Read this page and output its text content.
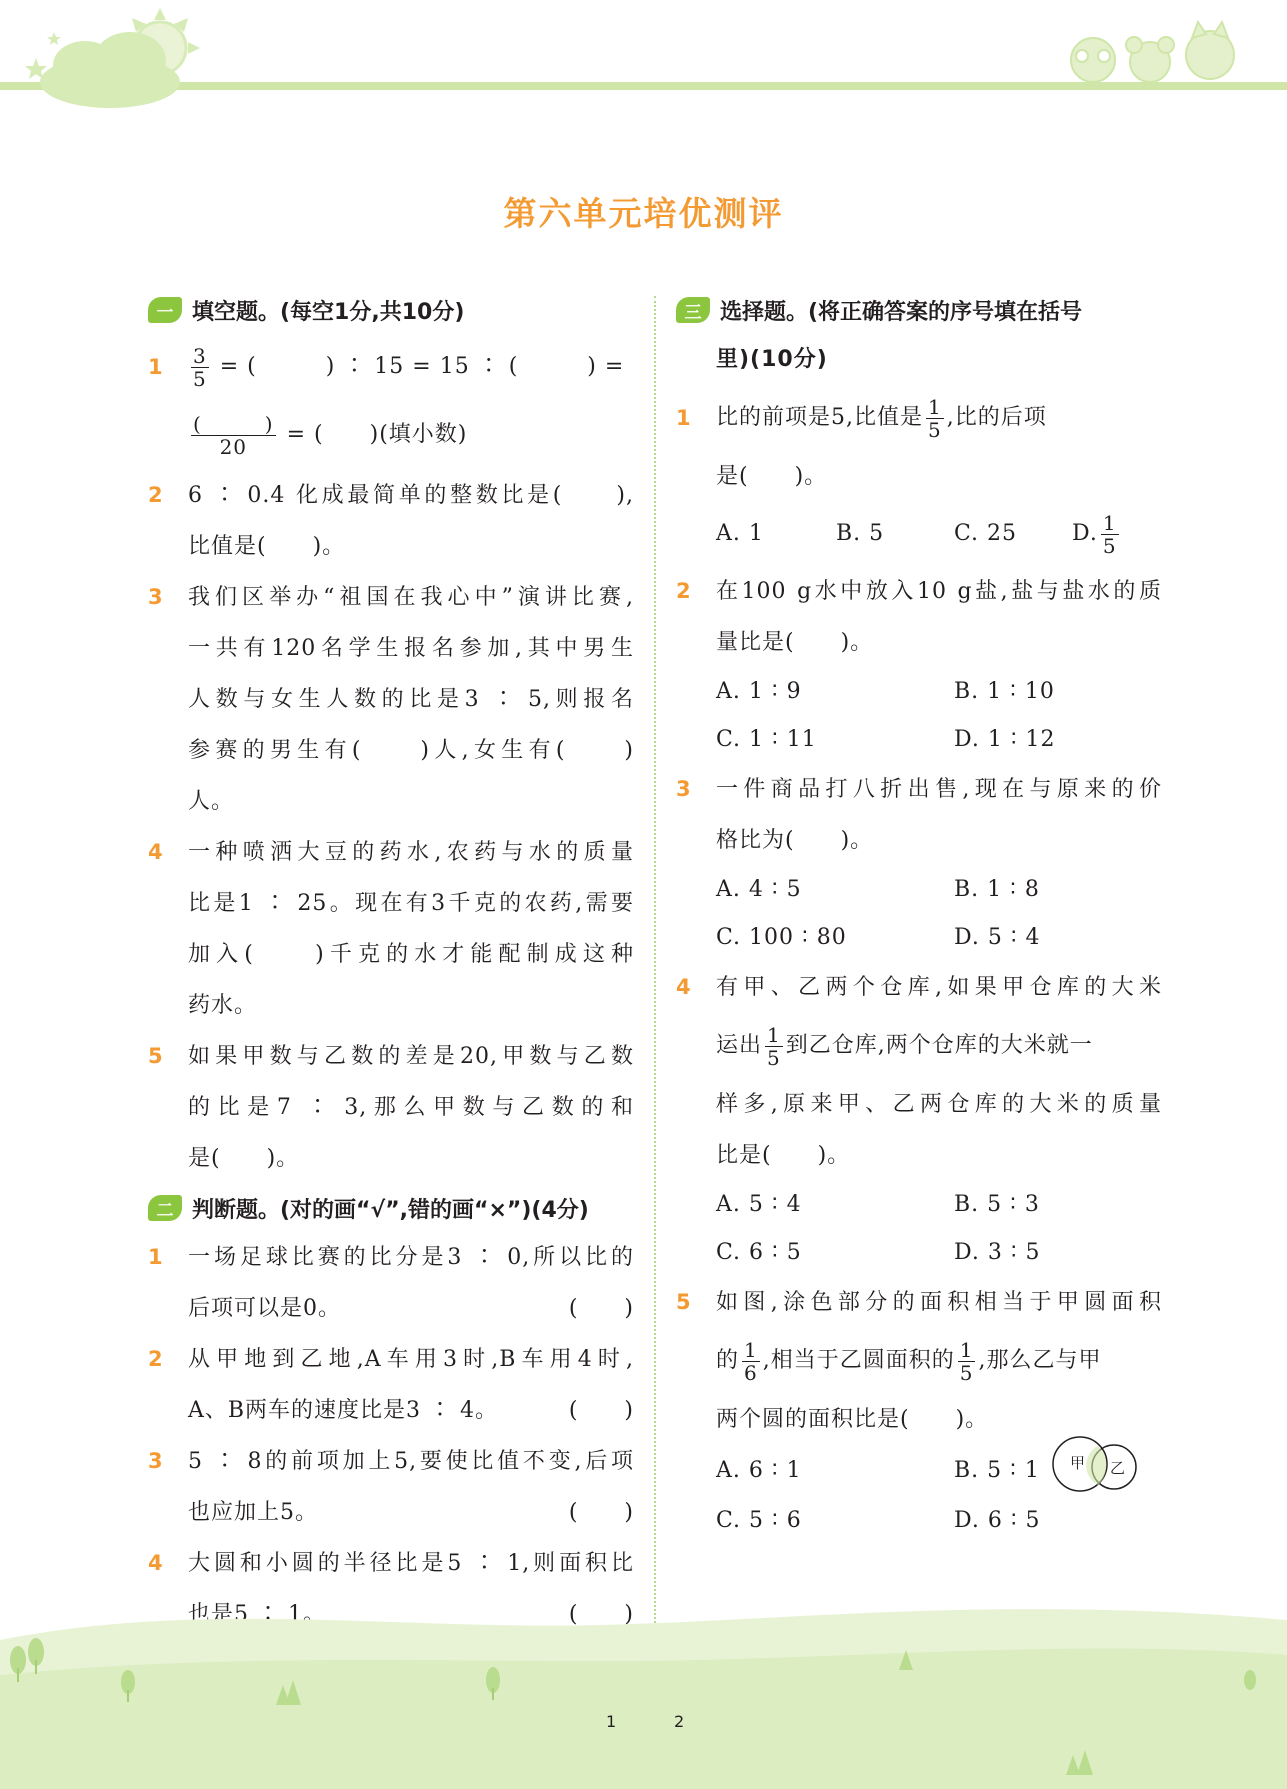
第六单元培优测评
一 填空题。(每空1分,共10分)
$1 \frac{3}{5}$ = (　　　) ∶ 15 = 15 ∶ (　　　) =
$\frac{( )}{20}$ = (　　)(填小数)
2 6 ∶ 0.4 化成最简单的整数比是(　　),
比值是(　　)。
3 我们区举办“祖国在我心中”演讲比赛,
一共有120名学生报名参加,其中男生
人数与女生人数的比是3 ∶ 5,则报名
参赛的男生有(　　)人,女生有(　　)
人。
4 一种喷洒大豆的药水,农药与水的质量
比是1 ∶ 25。现在有3千克的农药,需要
加入(　　)千克的水才能配制成这种
药水。
5 如果甲数与乙数的差是20,甲数与乙数
的比是7 ∶ 3,那么甲数与乙数的和
是(　　)。
二 判断题。(对的画“√”,错的画“×”)(4分)
1 一场足球比赛的比分是3 ∶ 0,所以比的
后项可以是0。	(　　)
2 从甲地到乙地,A车用3时,B车用4时,
A、B两车的速度比是3 ∶ 4。	(　　)
3 5 ∶ 8的前项加上5,要使比值不变,后项
也应加上5。	(　　)
4 大圆和小圆的半径比是5 ∶ 1,则面积比
也是5 ∶ 1。	(　　)
三 选择题。(将正确答案的序号填在括号
里)(10分)
1 比的前项是5,比值是 $\frac{1}{5}$ ,比的后项
是(　　)。
A. 1	B. 5	C. 25 D. $\frac{1}{5}$
2 在100 g水中放入10 g盐,盐与盐水的质
量比是(　　)。
A. 1 ∶ 9	B. 1 ∶ 10
C. 1 ∶ 11	D. 1 ∶ 12
3 一件商品打八折出售,现在与原来的价
格比为(　　)。
A. 4 ∶ 5	B. 1 ∶ 8
C. 100 ∶ 80	D. 5 ∶ 4
4 有甲、乙两个仓库,如果甲仓库的大米
运出 $\frac{1}{5}$ 到乙仓库,两个仓库的大米就一
样多,原来甲、乙两仓库的大米的质量
比是(　　)。
A. 5 ∶ 4	B. 5 ∶ 3
C. 6 ∶ 5	D. 3 ∶ 5
5 如图,涂色部分的面积相当于甲圆面积
的 $\frac{1}{6}$ ,相当于乙圆面积的 $\frac{1}{5}$ ,那么乙与甲
两个圆的面积比是(　　)。
A. 6 ∶ 1	B. 5 ∶ 1 甲 乙
C. 5 ∶ 6	D. 6 ∶ 5
1	2
